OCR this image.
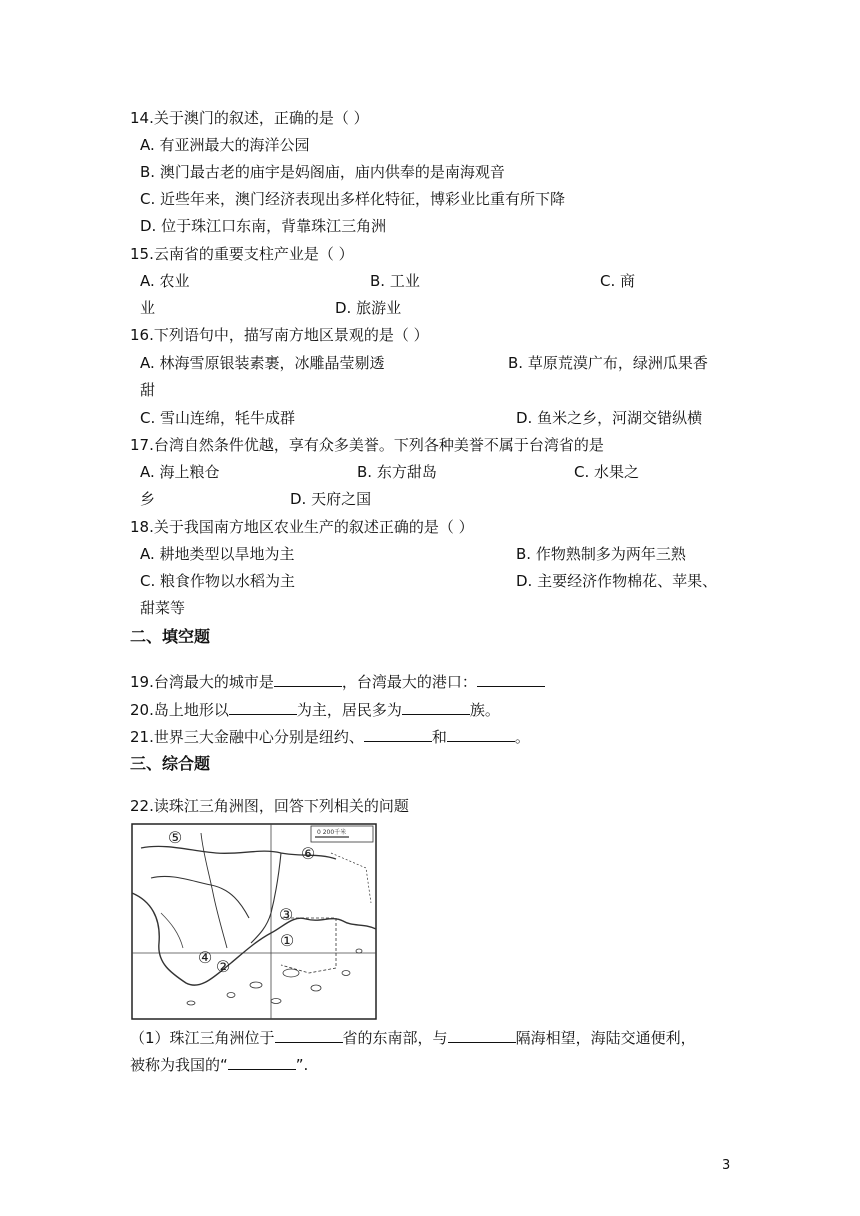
14.关于澳门的叙述，正确的是（ ）
A. 有亚洲最大的海洋公园
B. 澳门最古老的庙宇是妈阁庙，庙内供奉的是南海观音
C. 近些年来，澳门经济表现出多样化特征，博彩业比重有所下降
D. 位于珠江口东南，背靠珠江三角洲
15.云南省的重要支柱产业是（ ）
A. 农业	B. 工业	C. 商
业	D. 旅游业
16.下列语句中，描写南方地区景观的是（ ）
A. 林海雪原银装素裹，冰雕晶莹剔透	B. 草原荒漠广布，绿洲瓜果香
甜
C. 雪山连绵，牦牛成群	D. 鱼米之乡，河湖交错纵横
17.台湾自然条件优越，享有众多美誉。下列各种美誉不属于台湾省的是
A. 海上粮仓	B. 东方甜岛	C. 水果之
乡	D. 天府之国
18.关于我国南方地区农业生产的叙述正确的是（ ）
A. 耕地类型以旱地为主	B. 作物熟制多为两年三熟
C. 粮食作物以水稻为主	D. 主要经济作物棉花、苹果、
甜菜等
二、填空题
19.台湾最大的城市是	，台湾最大的港口：
20.岛上地形以	为主，居民多为	族。
21.世界三大金融中心分别是纽约、	和	。
三、综合题
22.读珠江三角洲图，回答下列相关的问题
0 200千米
⑤
⑥
③
①
④ ②
（1）珠江三角洲位于	省的东南部，与	隔海相望，海陆交通便利，
被称为我国的“	”.
3
